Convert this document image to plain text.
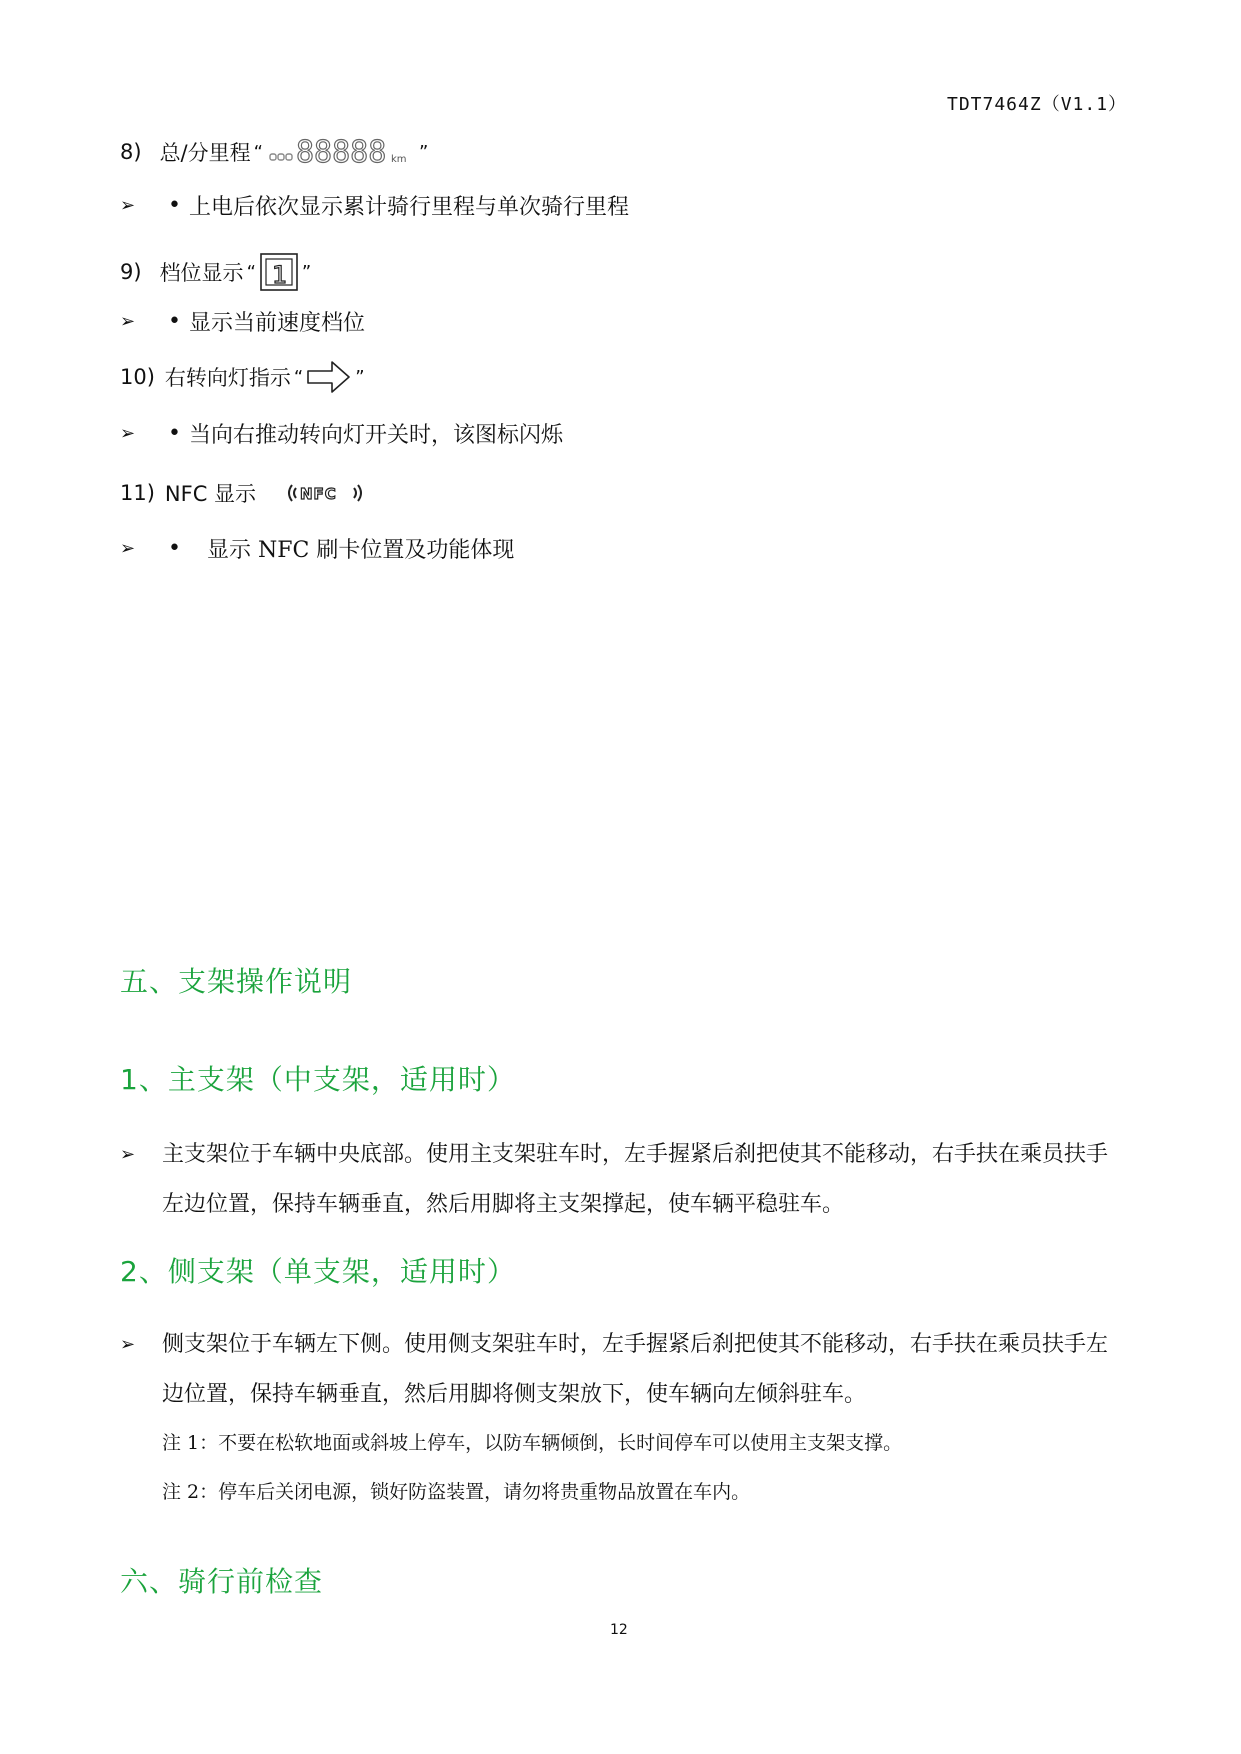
TDT7464Z（V1.1）
8) 总/分里程 “ 88888 km ”
➢ • 上电后依次显示累计骑行里程与单次骑行里程
9) 档位显示 “ 1 ”
➢ • 显示当前速度档位
10) 右转向灯指示 “	”
➢ • 当向右推动转向灯开关时，该图标闪烁
11) NFC 显示	NFC
➢ • 显示 NFC 刷卡位置及功能体现
五、支架操作说明
1、主支架（中支架，适用时）
➢	主支架位于车辆中央底部。使用主支架驻车时，左手握紧后刹把使其不能移动，右手扶在乘员扶手左边位置，保持车辆垂直，然后用脚将主支架撑起，使车辆平稳驻车。
2、侧支架（单支架，适用时）
➢	侧支架位于车辆左下侧。使用侧支架驻车时，左手握紧后刹把使其不能移动，右手扶在乘员扶手左边位置，保持车辆垂直，然后用脚将侧支架放下，使车辆向左倾斜驻车。
注 1：不要在松软地面或斜坡上停车，以防车辆倾倒，长时间停车可以使用主支架支撑。
注 2：停车后关闭电源，锁好防盗装置，请勿将贵重物品放置在车内。
六、骑行前检查
12
